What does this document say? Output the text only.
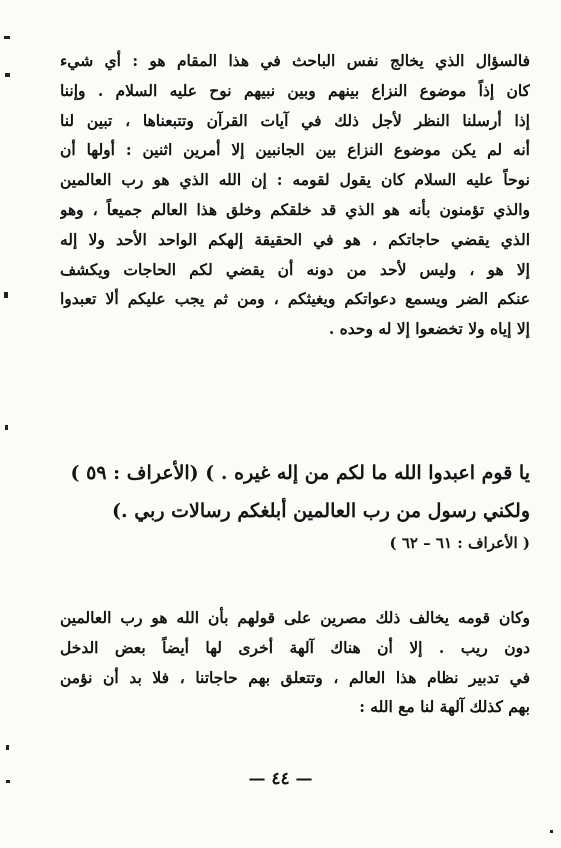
فالسؤال الذي يخالج نفس الباحث في هذا المقام هو : أي شيء
كان إذاً موضوع النزاع بينهم وبين نبيهم نوح عليه السلام . وإننا
إذا أرسلنا النظر لأجل ذلك في آيات القرآن وتتبعناها ، تبين لنا
أنه لم يكن موضوع النزاع بين الجانبين إلا أمرين اثنين : أولها أن
نوحاً عليه السلام كان يقول لقومه : إن الله الذي هو رب العالمين
والذي تؤمنون بأنه هو الذي قد خلقكم وخلق هذا العالم جميعاً ، وهو
الذي يقضي حاجاتكم ، هو في الحقيقة إلهكم الواحد الأحد ولا إله
إلا هو ، وليس لأحد من دونه أن يقضي لكم الحاجات ويكشف
عنكم الضر ويسمع دعواتكم ويغيثكم ، ومن ثم يجب عليكم ألا تعبدوا
إلا إياه ولا تخضعوا إلا له وحده .
يا قوم اعبدوا الله ما لكم من إله غيره . ) (الأعراف : ٥٩ )
ولكني رسول من رب العالمين أبلغكم رسالات ربي .)
( الأعراف : ٦١ – ٦٢ )
وكان قومه يخالف ذلك مصرين على قولهم بأن الله هو رب العالمين
دون ريب . إلا أن هناك آلهة أخرى لها أيضاً بعض الدخل
في تدبير نظام هذا العالم ، وتتعلق بهم حاجاتنا ، فلا بد أن نؤمن
بهم كذلك آلهة لنا مع الله :
— ٤٤ —
